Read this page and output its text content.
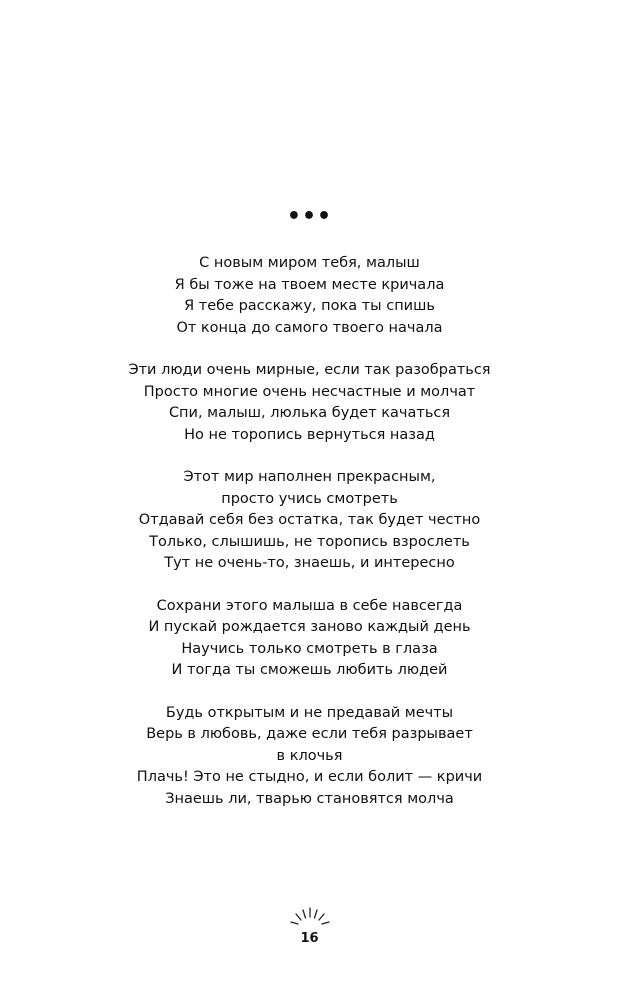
•••
С новым миром тебя, малыш
Я бы тоже на твоем месте кричала
Я тебе расскажу, пока ты спишь
От конца до самого твоего начала
Эти люди очень мирные, если так разобраться
Просто многие очень несчастные и молчат
Спи, малыш, люлька будет качаться
Но не торопись вернуться назад
Этот мир наполнен прекрасным,
просто учись смотреть
Отдавай себя без остатка, так будет честно
Только, слышишь, не торопись взрослеть
Тут не очень-то, знаешь, и интересно
Сохрани этого малыша в себе навсегда
И пускай рождается заново каждый день
Научись только смотреть в глаза
И тогда ты сможешь любить людей
Будь открытым и не предавай мечты
Верь в любовь, даже если тебя разрывает
в клочья
Плачь! Это не стыдно, и если болит — кричи
Знаешь ли, тварью становятся молча
16
